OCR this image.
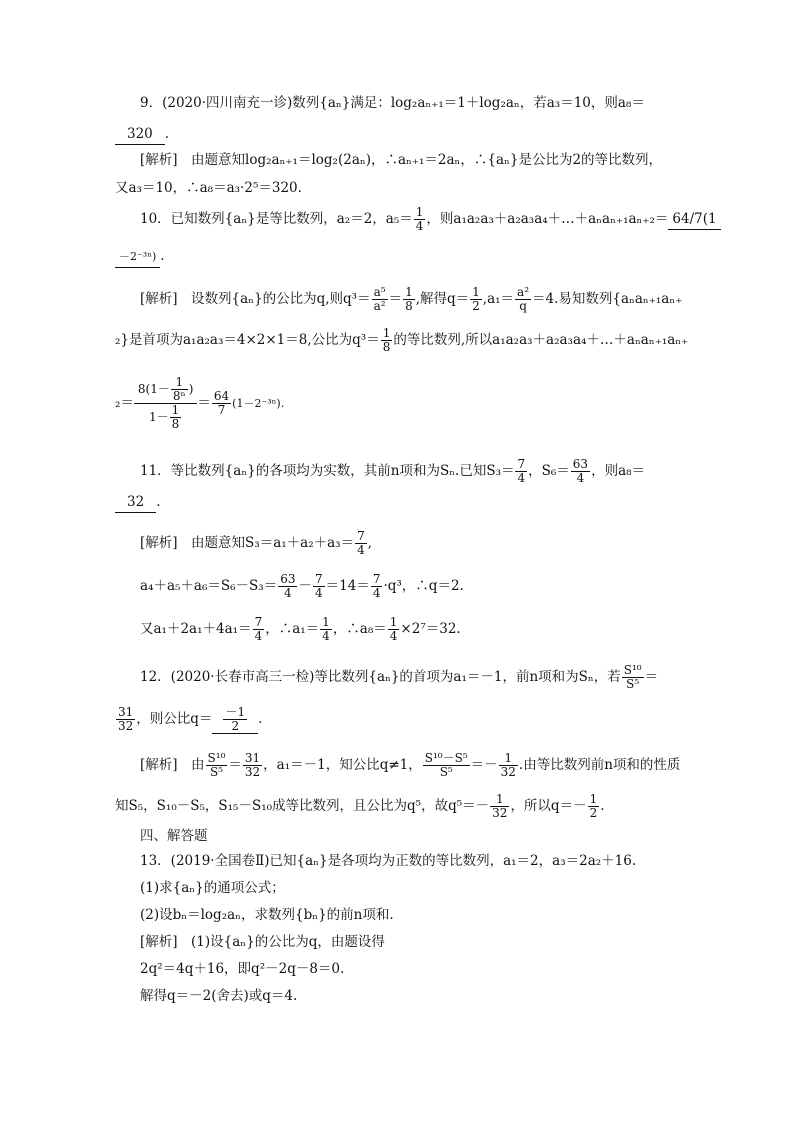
9．(2020·四川南充一诊)数列{aₙ}满足：log₂aₙ₊₁＝1＋log₂aₙ，若a₃＝10，则a₈＝
320 .
[解析]　由题意知log₂aₙ₊₁＝log₂(2aₙ)，∴aₙ₊₁＝2aₙ，∴{aₙ}是公比为2的等比数列，
又a₃＝10，∴a₈＝a₃·2⁵＝320.
10．已知数列{aₙ}是等比数列，a₂＝2，$a_5= \frac{1}{4}$ ，则a₁a₂a₃＋a₂a₃a₄＋…＋aₙaₙ₊₁aₙ₊₂＝ 64/7(1
－2⁻³ⁿ) .
[解析]　设数列{aₙ}的公比为q,则$q^3= \frac{\text{a⁵}}{\text{a²}} = \frac{1}{8}$ ,解得$q= \frac{1}{2} ,a_1= \frac{\text{a²}}{q} =4$.易知数列{aₙaₙ₊₁aₙ₊
₂}是首项为a₁a₂a₃＝4×2×1＝8,公比为$q^3= \frac{1}{8}$ 的等比数列,所以a₁a₂a₃＋a₂a₃a₄＋…＋aₙaₙ₊₁aₙ₊
$_2= \frac{8(1- \frac{1}{\text{8ⁿ}} )}{1- \frac{1}{8}} = \frac{64}{7} (1-2^{-3n})$.
11．等比数列{aₙ}的各项均为实数，其前n项和为Sₙ.已知$S_3= \frac{7}{4}$ ，$S_6= \frac{63}{4}$ ，则a₈＝
32 .
[解析]　由题意知$S_3=a_1+a_2+a_3= \frac{7}{4}$ ,
$a_4+a_5+a_6=S_6-S_3= \frac{63}{4} - \frac{7}{4} =14= \frac{7}{4} \cdot q^3$，∴q＝2.
又$a_1+2a_1+4a_1= \frac{7}{4}$ ，∴a₁＝ $\frac{1}{4}$ ，∴a₈＝ $\frac{1}{4} \times 2^7=32$.
12．(2020·长春市高三一检)等比数列{aₙ}的首项为a₁＝－1，前n项和为Sₙ，若 $\frac{\text{S¹⁰}}{\text{S⁵}}$ ＝
$\frac{31}{32}$ ，则公比$q= \frac{-1}{2}$ .
[解析]　由 $\frac{\text{S¹⁰}}{\text{S⁵}} = \frac{31}{32}$ ，a₁＝－1，知公比q≠1， $\frac{\text{S¹⁰－S⁵}}{\text{S⁵}} =- \frac{1}{32}$ .由等比数列前n项和的性质
知S₅，S₁₀－S₅，S₁₅－S₁₀成等比数列，且公比为q⁵，故$q^5=- \frac{1}{32}$ ，所以$q=- \frac{1}{2}$ .
四、解答题
13．(2019·全国卷Ⅱ)已知{aₙ}是各项均为正数的等比数列，a₁＝2，a₃＝2a₂＋16.
(1)求{aₙ}的通项公式；
(2)设bₙ＝log₂aₙ，求数列{bₙ}的前n项和.
[解析]　(1)设{aₙ}的公比为q，由题设得
2q²＝4q＋16，即q²－2q－8＝0.
解得q＝－2(舍去)或q＝4.
